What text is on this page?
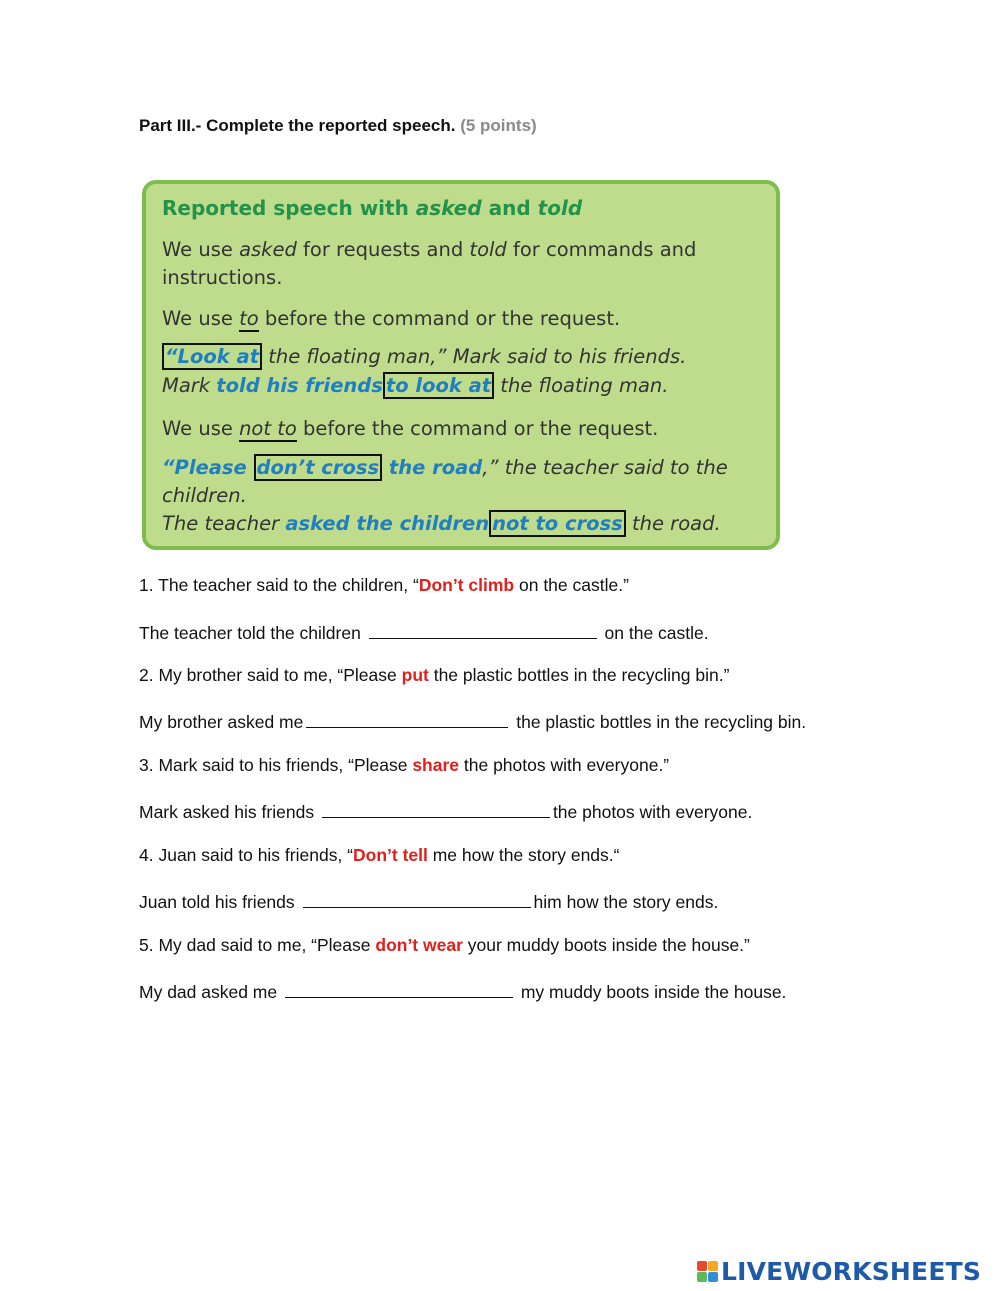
Part III.- Complete the reported speech. (5 points)
Reported speech with asked and told
We use asked for requests and told for commands and
instructions.
We use to before the command or the request.
“Look at the floating man,” Mark said to his friends.
Mark told his friends to look at the floating man.
We use not to before the command or the request.
“Please don’t cross the road,” the teacher said to the
children.
The teacher asked the children not to cross the road.
1. The teacher said to the children, “Don’t climb on the castle.”
The teacher told the children	on the castle.
2. My brother said to me, “Please put the plastic bottles in the recycling bin.”
My brother asked me	the plastic bottles in the recycling bin.
3. Mark said to his friends, “Please share the photos with everyone.”
Mark asked his friends	the photos with everyone.
4. Juan said to his friends, “Don’t tell me how the story ends.“
Juan told his friends	him how the story ends.
5. My dad said to me, “Please don’t wear your muddy boots inside the house.”
My dad asked me	my muddy boots inside the house.
LIVEWORKSHEETS
